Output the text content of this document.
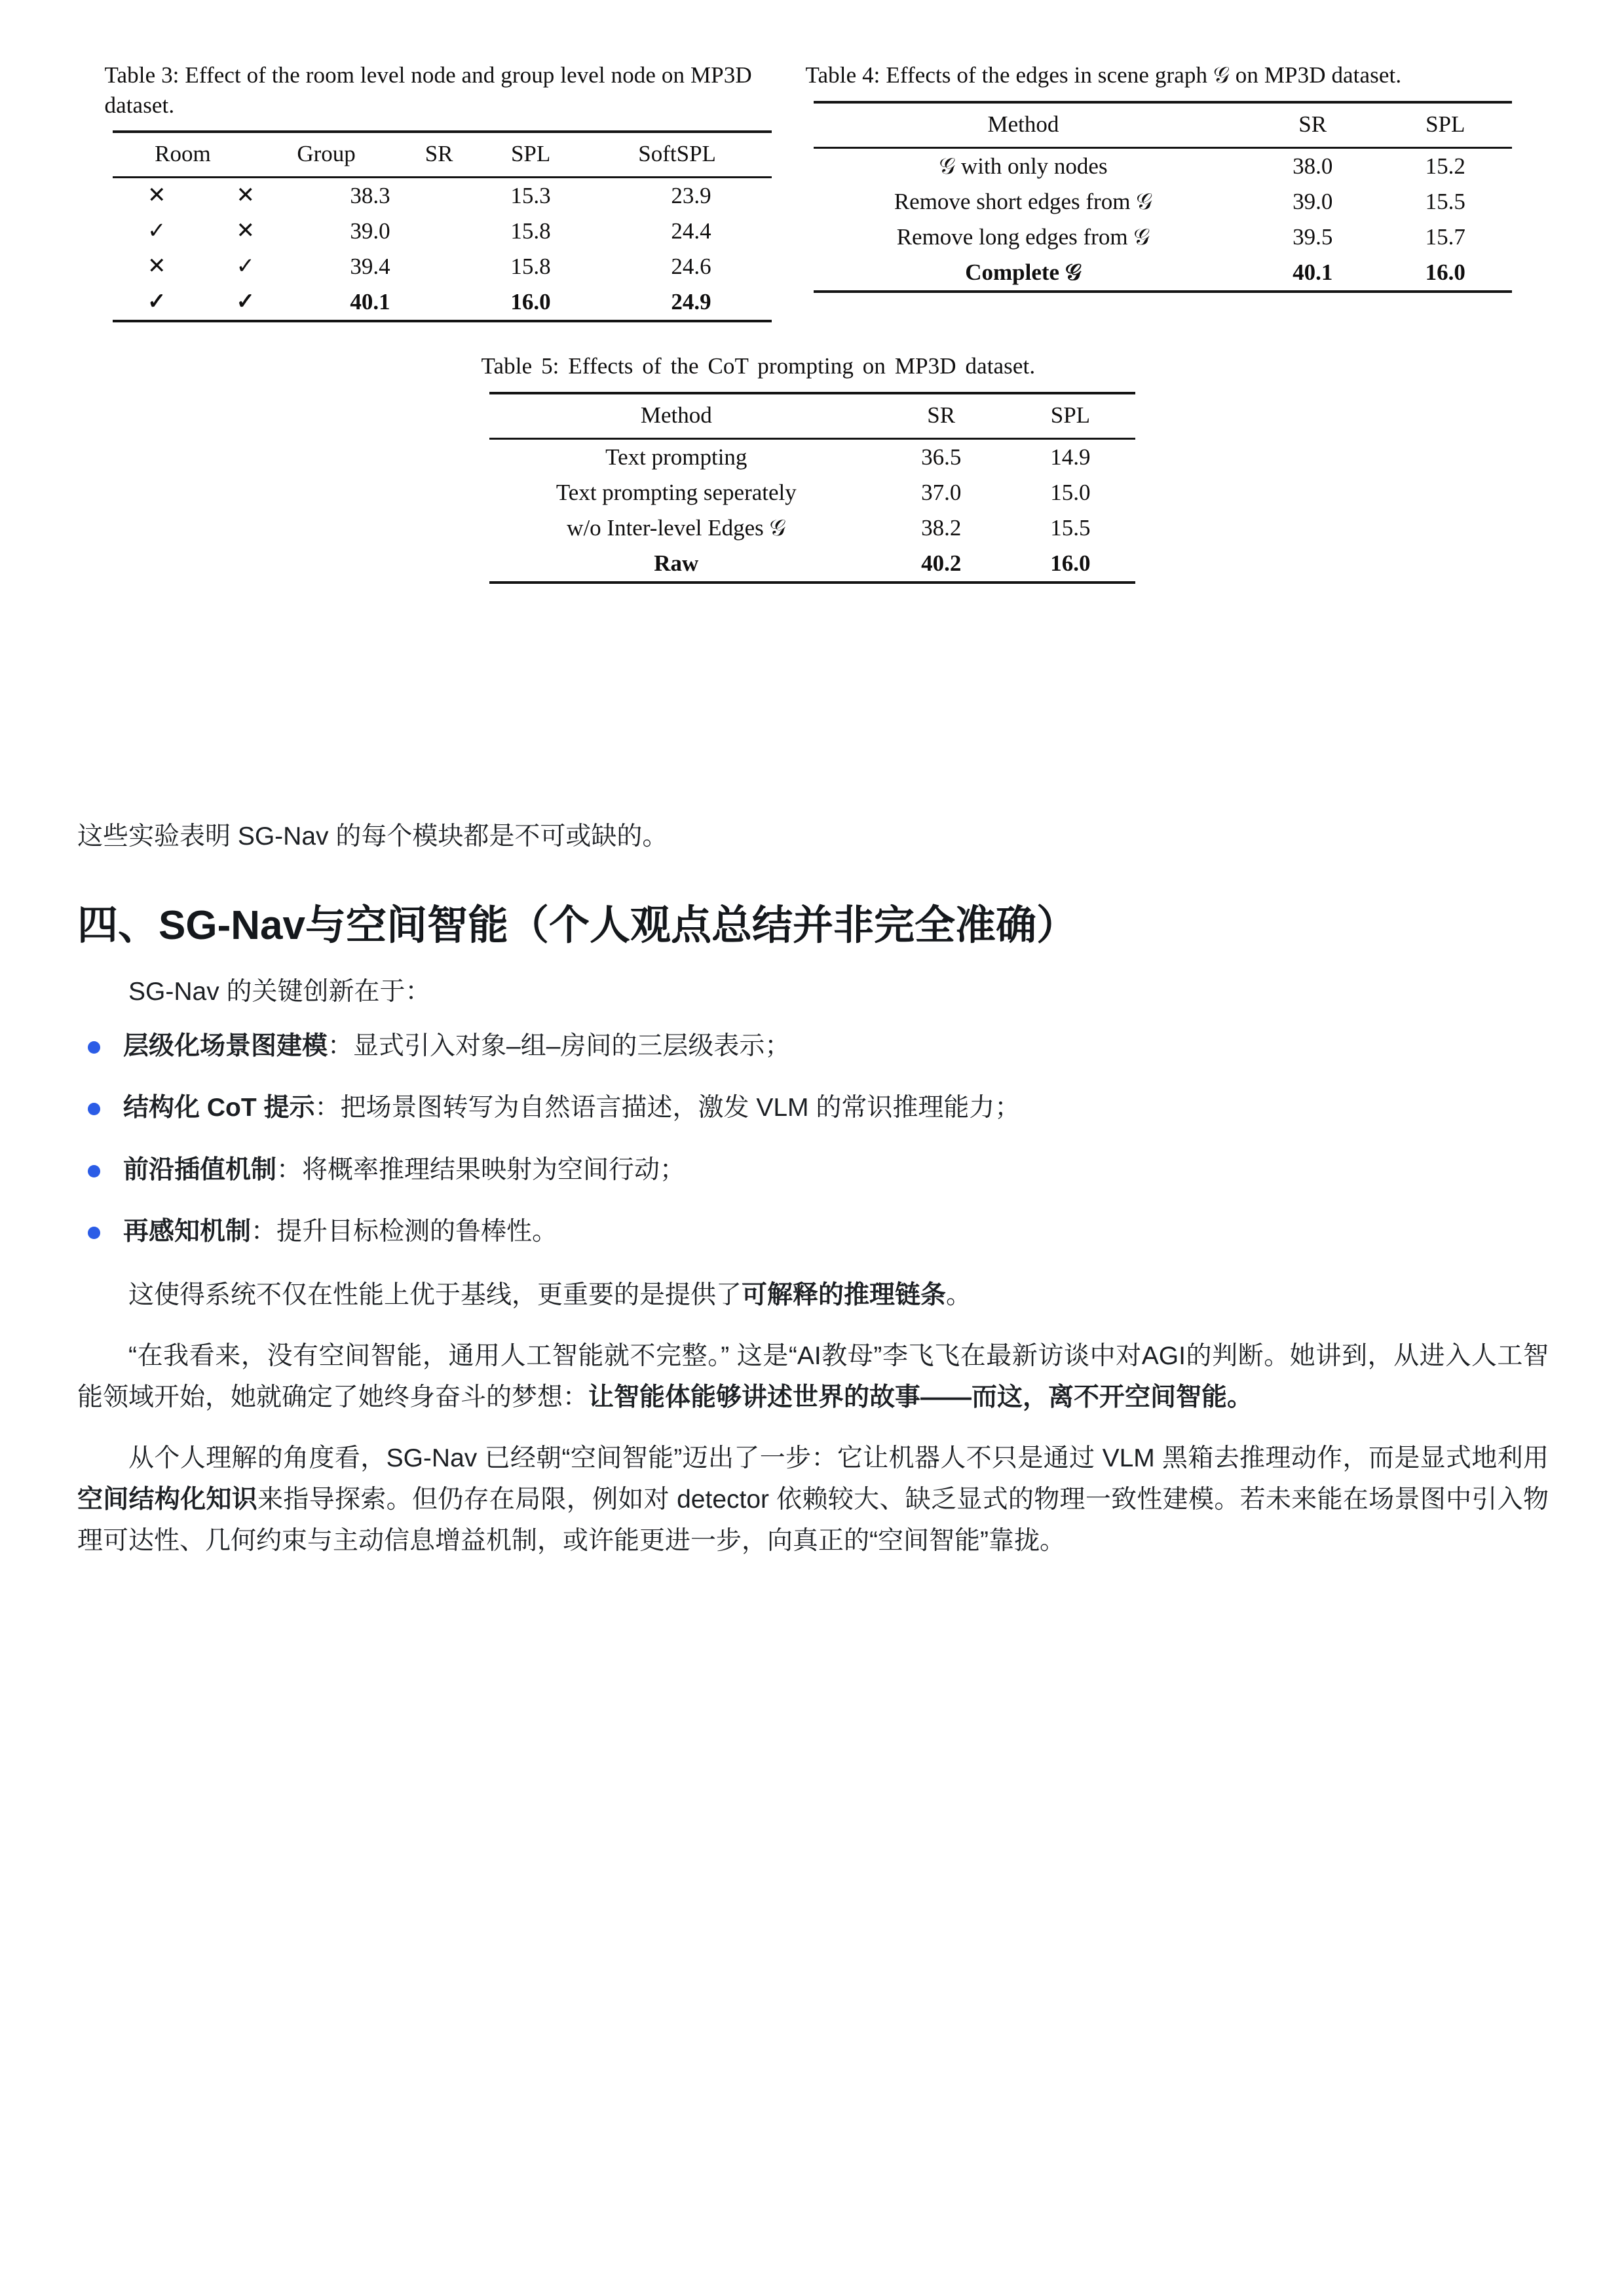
Table 3: Effect of the room level node and group level node on MP3D dataset.
Room	Group	SR	SPL	SoftSPL
✕	✕	38.3	15.3	23.9
✓	✕	39.0	15.8	24.4
✕	✓	39.4	15.8	24.6
✓	✓	40.1	16.0	24.9
Table 4: Effects of the edges in scene graph 𝒢 on MP3D dataset.
Method	SR	SPL
𝒢 with only nodes	38.0	15.2
Remove short edges from 𝒢	39.0	15.5
Remove long edges from 𝒢	39.5	15.7
Complete 𝒢	40.1	16.0
Table 5: Effects of the CoT prompting on MP3D dataset.
Method	SR	SPL
Text prompting	36.5	14.9
Text prompting seperately	37.0	15.0
w/o Inter-level Edges 𝒢	38.2	15.5
Raw	40.2	16.0

这些实验表明 SG-Nav 的每个模块都是不可或缺的。

四、SG-Nav与空间智能（个人观点总结并非完全准确）

SG-Nav 的关键创新在于：

层级化场景图建模：显式引入对象–组–房间的三层级表示；
结构化 CoT 提示：把场景图转写为自然语言描述，激发 VLM 的常识推理能力；
前沿插值机制：将概率推理结果映射为空间行动；
再感知机制：提升目标检测的鲁棒性。

这使得系统不仅在性能上优于基线，更重要的是提供了可解释的推理链条。

“在我看来，没有空间智能，通用人工智能就不完整。” 这是“AI教母”李飞飞在最新访谈中对AGI的判断。她讲到，从进入人工智能领域开始，她就确定了她终身奋斗的梦想：让智能体能够讲述世界的故事——而这，离不开空间智能。

从个人理解的角度看，SG-Nav 已经朝“空间智能”迈出了一步：它让机器人不只是通过 VLM 黑箱去推理动作，而是显式地利用空间结构化知识来指导探索。但仍存在局限，例如对 detector 依赖较大、缺乏显式的物理一致性建模。若未来能在场景图中引入物理可达性、几何约束与主动信息增益机制，或许能更进一步，向真正的“空间智能”靠拢。
